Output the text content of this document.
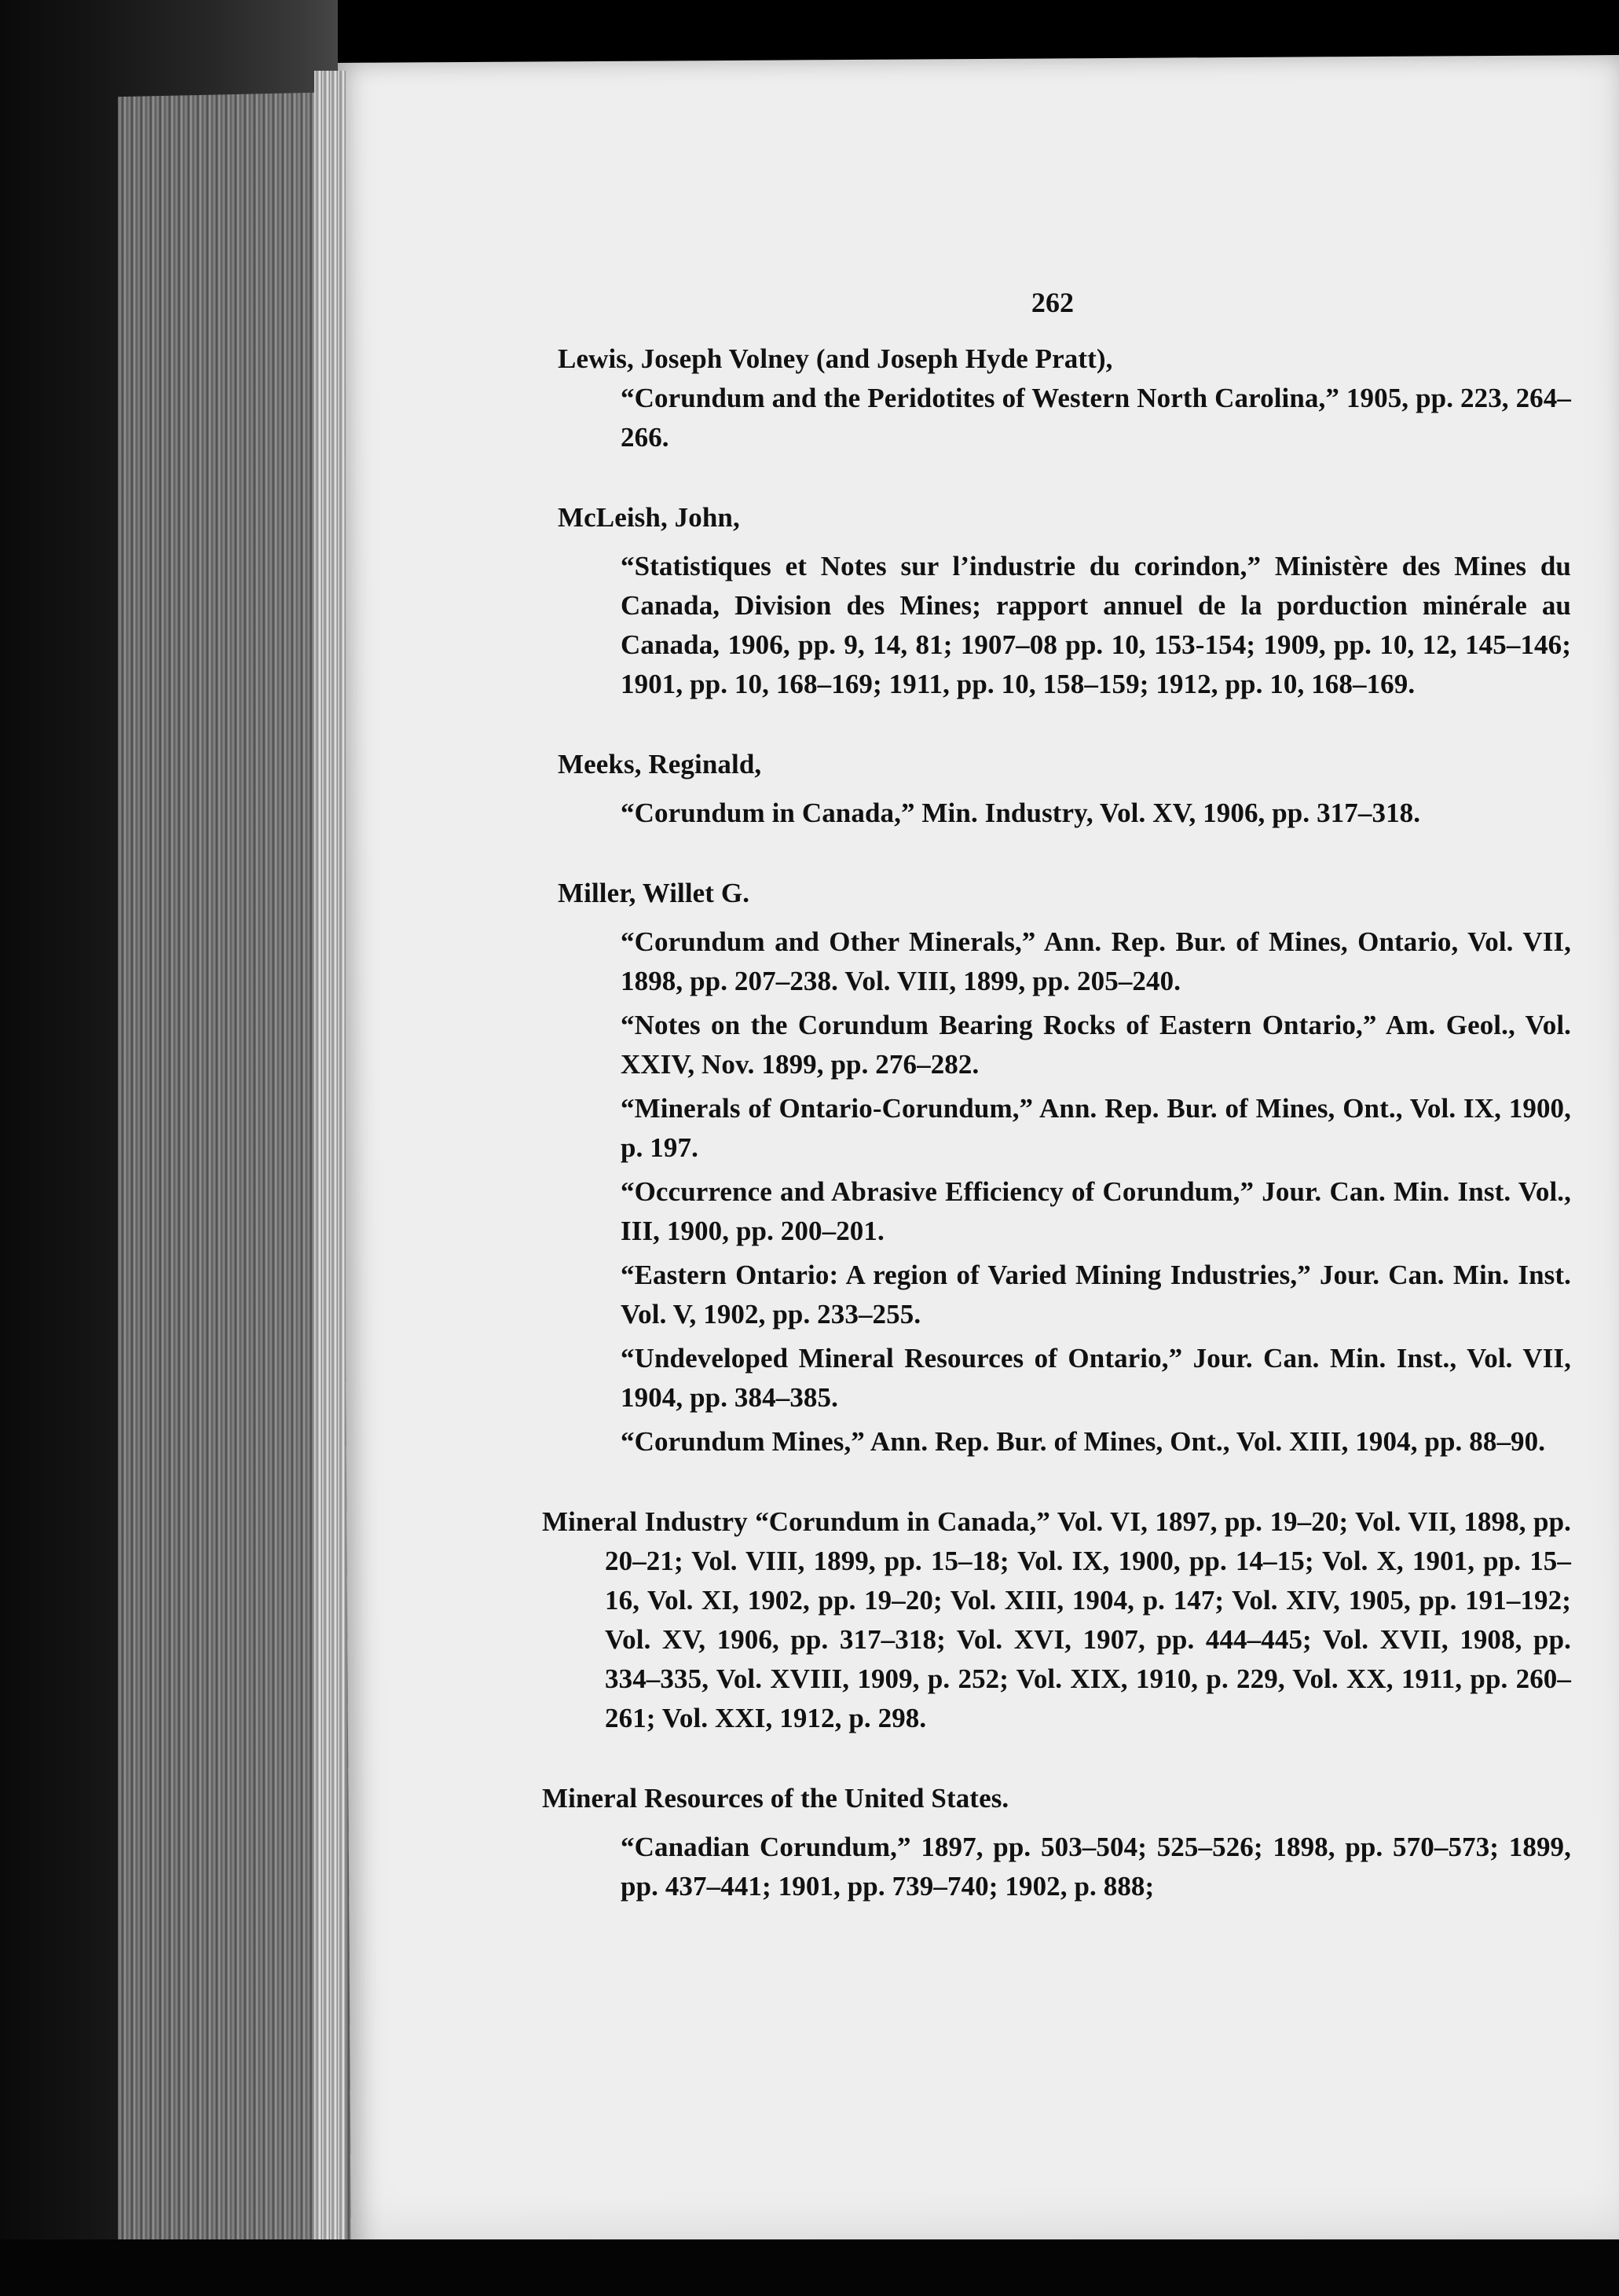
262
Lewis, Joseph Volney (and Joseph Hyde Pratt),
“Corundum and the Peridotites of Western North Carolina,” 1905, pp. 223, 264–266.
McLeish, John,
“Statistiques et Notes sur l’industrie du corindon,” Ministère des Mines du Canada, Division des Mines; rapport annuel de la porduction minérale au Canada, 1906, pp. 9, 14, 81; 1907–08 pp. 10, 153-154; 1909, pp. 10, 12, 145–146; 1901, pp. 10, 168–169; 1911, pp. 10, 158–159; 1912, pp. 10, 168–169.
Meeks, Reginald,
“Corundum in Canada,” Min. Industry, Vol. XV, 1906, pp. 317–318.
Miller, Willet G.
“Corundum and Other Minerals,” Ann. Rep. Bur. of Mines, Ontario, Vol. VII, 1898, pp. 207–238. Vol. VIII, 1899, pp. 205–240.
“Notes on the Corundum Bearing Rocks of Eastern Ontario,” Am. Geol., Vol. XXIV, Nov. 1899, pp. 276–282.
“Minerals of Ontario-Corundum,” Ann. Rep. Bur. of Mines, Ont., Vol. IX, 1900, p. 197.
“Occurrence and Abrasive Efficiency of Corundum,” Jour. Can. Min. Inst. Vol., III, 1900, pp. 200–201.
“Eastern Ontario: A region of Varied Mining Industries,” Jour. Can. Min. Inst. Vol. V, 1902, pp. 233–255.
“Undeveloped Mineral Resources of Ontario,” Jour. Can. Min. Inst., Vol. VII, 1904, pp. 384–385.
“Corundum Mines,” Ann. Rep. Bur. of Mines, Ont., Vol. XIII, 1904, pp. 88–90.
Mineral Industry “Corundum in Canada,” Vol. VI, 1897, pp. 19–20; Vol. VII, 1898, pp. 20–21; Vol. VIII, 1899, pp. 15–18; Vol. IX, 1900, pp. 14–15; Vol. X, 1901, pp. 15–16, Vol. XI, 1902, pp. 19–20; Vol. XIII, 1904, p. 147; Vol. XIV, 1905, pp. 191–192; Vol. XV, 1906, pp. 317–318; Vol. XVI, 1907, pp. 444–445; Vol. XVII, 1908, pp. 334–335, Vol. XVIII, 1909, p. 252; Vol. XIX, 1910, p. 229, Vol. XX, 1911, pp. 260–261; Vol. XXI, 1912, p. 298.
Mineral Resources of the United States.
“Canadian Corundum,” 1897, pp. 503–504; 525–526; 1898, pp. 570–573; 1899, pp. 437–441; 1901, pp. 739–740; 1902, p. 888;
